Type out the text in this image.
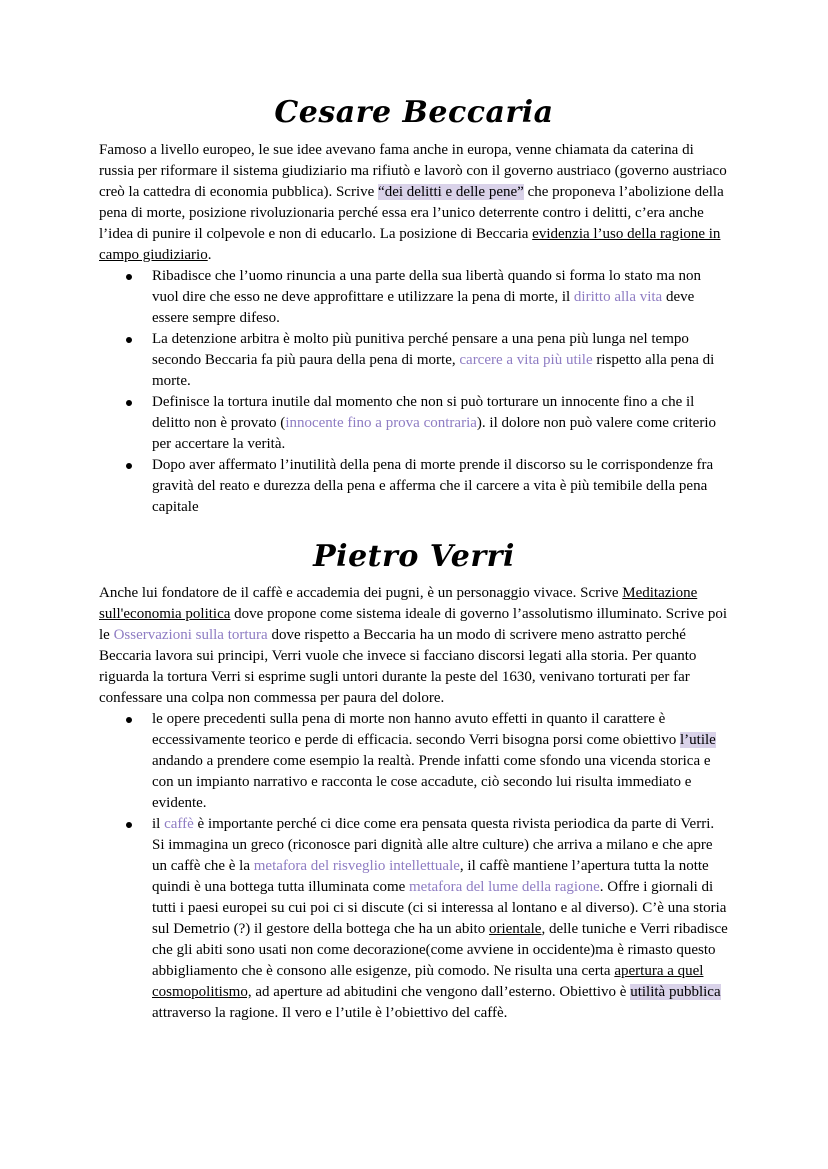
Cesare Beccaria

Famoso a livello europeo, le sue idee avevano fama anche in europa, venne chiamata da caterina di russia per riformare il sistema giudiziario ma rifiutò e lavorò con il governo austriaco (governo austriaco creò la cattedra di economia pubblica). Scrive “dei delitti e delle pene” che proponeva l’abolizione della pena di morte, posizione rivoluzionaria perché essa era l’unico deterrente contro i delitti, c’era anche l’idea di punire il colpevole e non di educarlo. La posizione di Beccaria evidenzia l’uso della ragione in campo giudiziario.

Ribadisce che l’uomo rinuncia a una parte della sua libertà quando si forma lo stato ma non vuol dire che esso ne deve approfittare e utilizzare la pena di morte, il diritto alla vita deve essere sempre difeso.
La detenzione arbitra è molto più punitiva perché pensare a una pena più lunga nel tempo secondo Beccaria fa più paura della pena di morte, carcere a vita più utile rispetto alla pena di morte.
Definisce la tortura inutile dal momento che non si può torturare un innocente fino a che il delitto non è provato (innocente fino a prova contraria). il dolore non può valere come criterio per accertare la verità.
Dopo aver affermato l’inutilità della pena di morte prende il discorso su le corrispondenze fra gravità del reato e durezza della pena e afferma che il carcere a vita è più temibile della pena capitale
Pietro Verri

Anche lui fondatore de il caffè e accademia dei pugni, è un personaggio vivace. Scrive Meditazione sull'economia politica dove propone come sistema ideale di governo l’assolutismo illuminato. Scrive poi le Osservazioni sulla tortura dove rispetto a Beccaria ha un modo di scrivere meno astratto perché Beccaria lavora sui principi, Verri vuole che invece si facciano discorsi legati alla storia. Per quanto riguarda la tortura Verri si esprime sugli untori durante la peste del 1630, venivano torturati per far confessare una colpa non commessa per paura del dolore.

le opere precedenti sulla pena di morte non hanno avuto effetti in quanto il carattere è eccessivamente teorico e perde di efficacia. secondo Verri bisogna porsi come obiettivo l’utile andando a prendere come esempio la realtà. Prende infatti come sfondo una vicenda storica e con un impianto narrativo e racconta le cose accadute, ciò secondo lui risulta immediato e evidente.
il caffè è importante perché ci dice come era pensata questa rivista periodica da parte di Verri. Si immagina un greco (riconosce pari dignità alle altre culture) che arriva a milano e che apre un caffè che è la metafora del risveglio intellettuale, il caffè mantiene l’apertura tutta la notte quindi è una bottega tutta illuminata come metafora del lume della ragione. Offre i giornali di tutti i paesi europei su cui poi ci si discute (ci si interessa al lontano e al diverso). C’è una storia sul Demetrio (?) il gestore della bottega che ha un abito orientale, delle tuniche e Verri ribadisce che gli abiti sono usati non come decorazione(come avviene in occidente)ma è rimasto questo abbigliamento che è consono alle esigenze, più comodo. Ne risulta una certa apertura a quel cosmopolitismo, ad aperture ad abitudini che vengono dall’esterno. Obiettivo è utilità pubblica attraverso la ragione. Il vero e l’utile è l’obiettivo del caffè.
